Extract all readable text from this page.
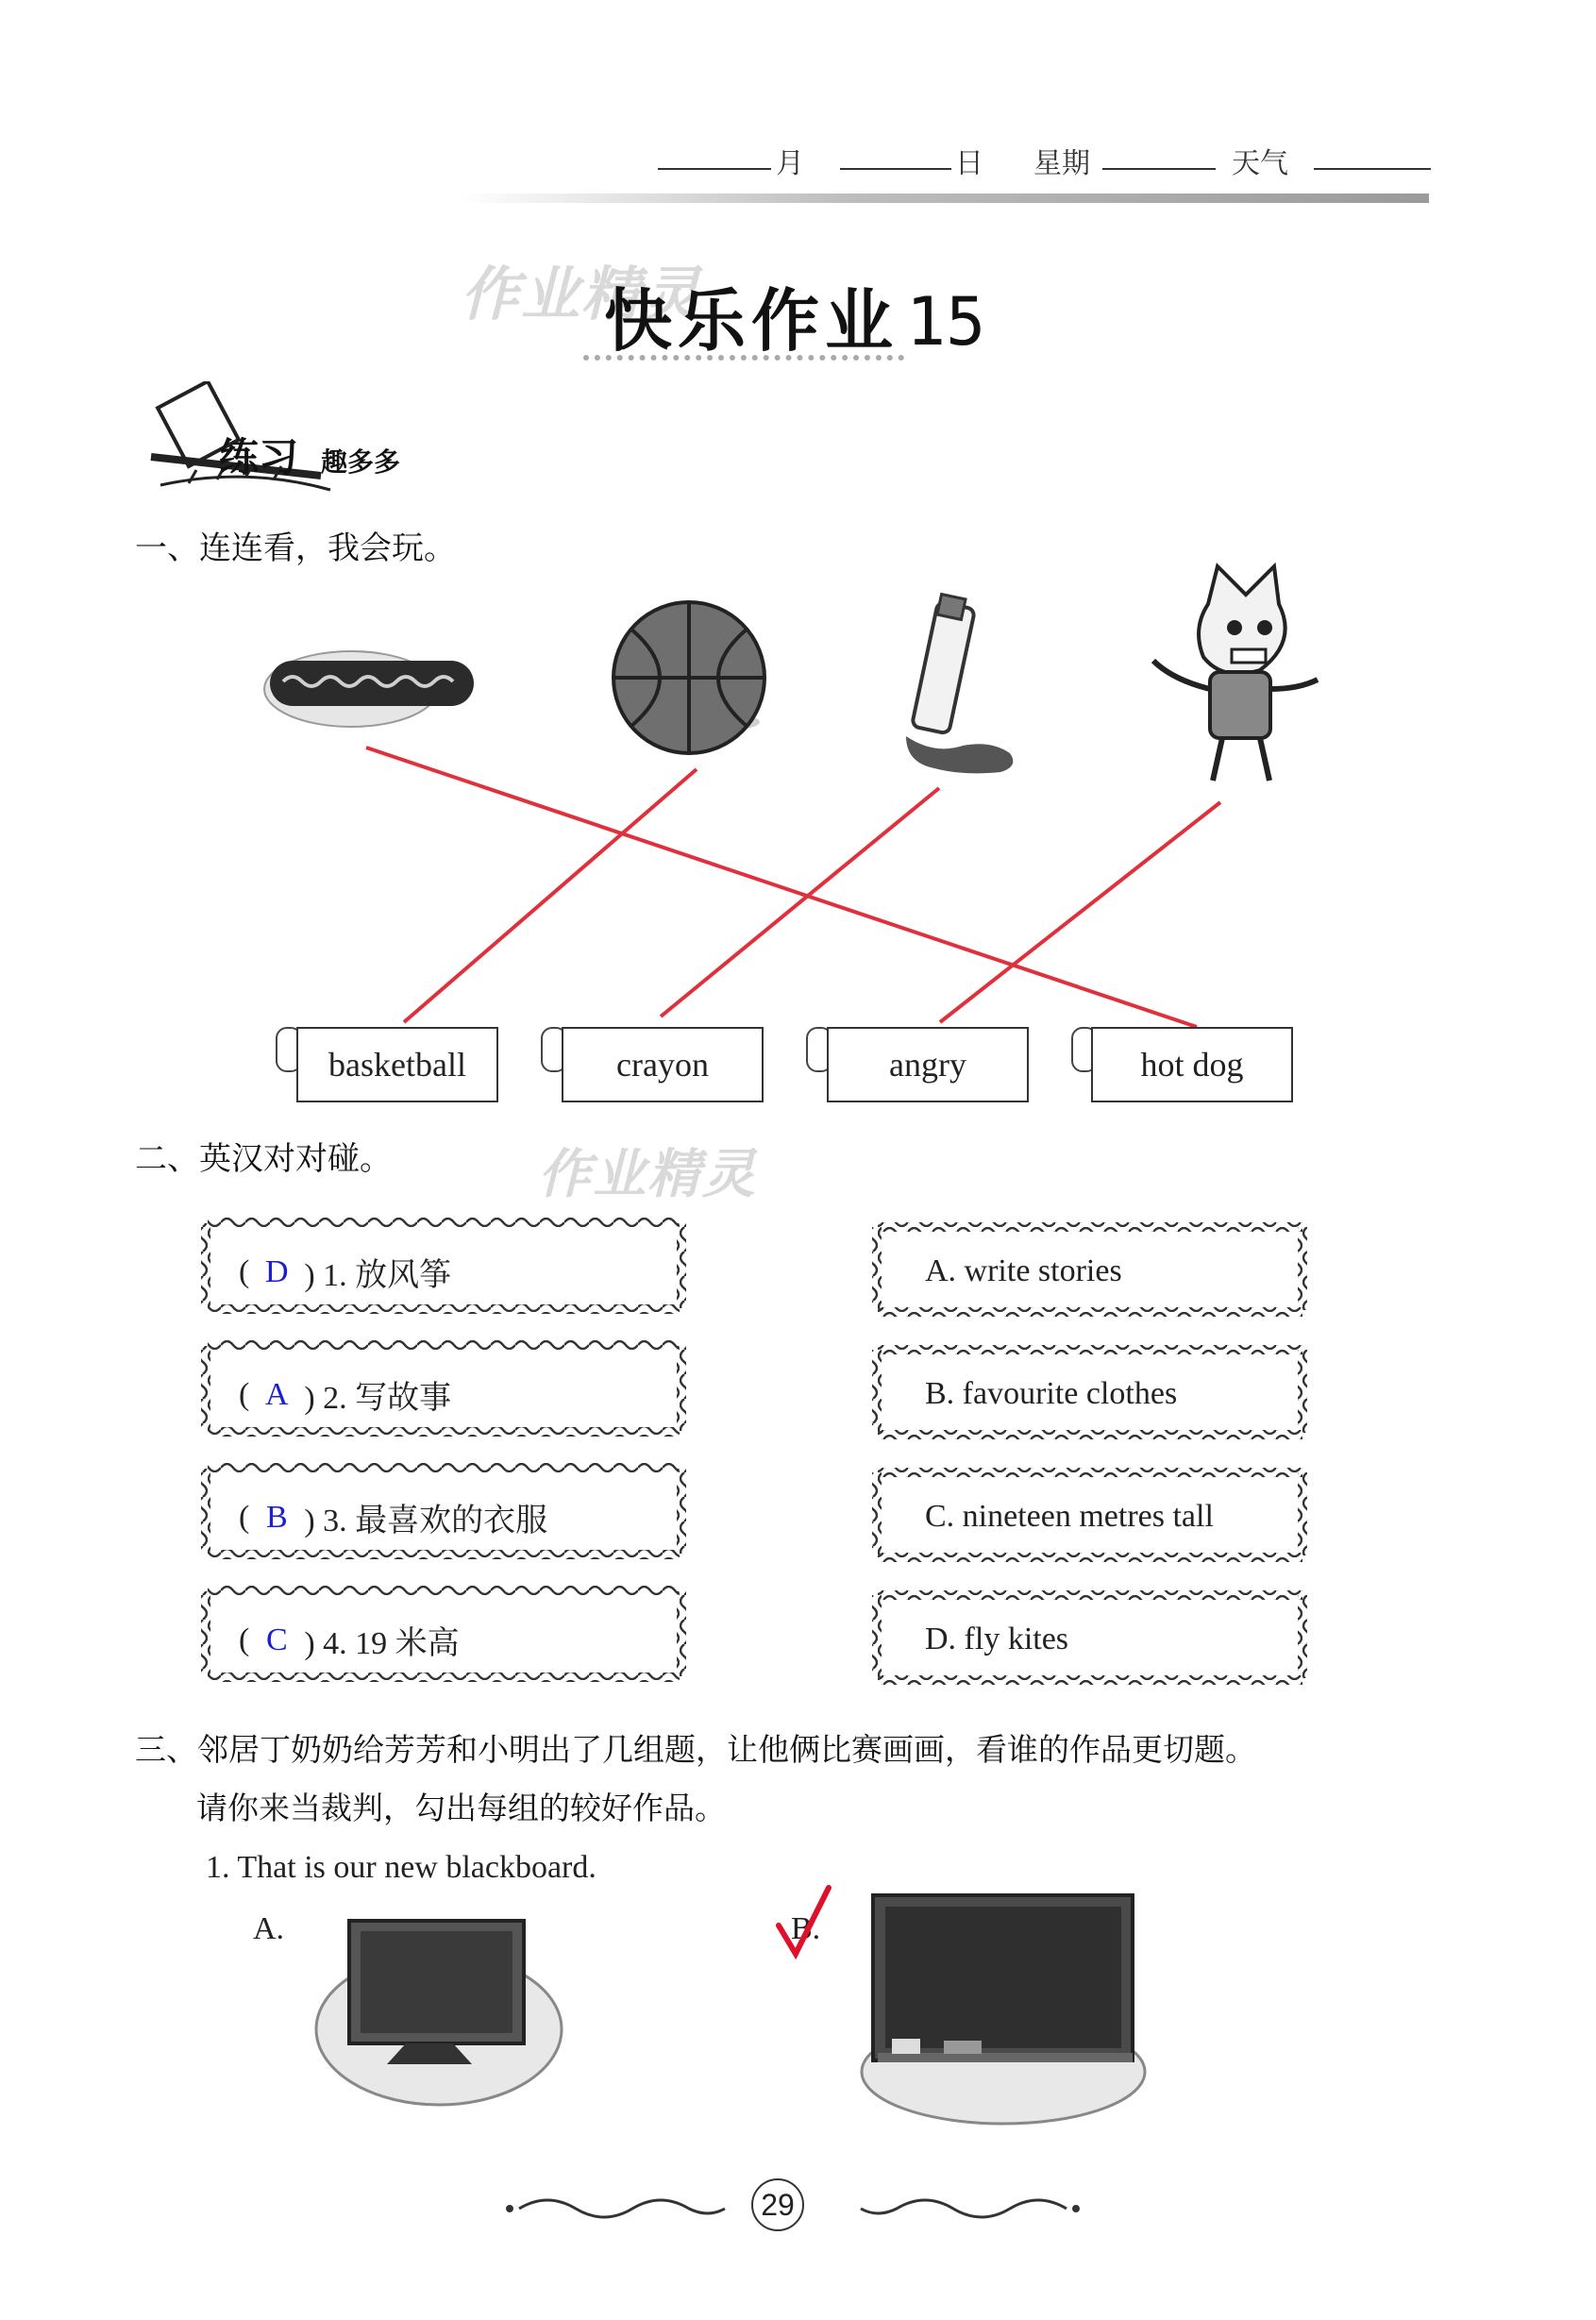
月	日 星期	天气
作业精灵
快乐作业 15
练习 趣多多
一、连连看，我会玩。
basketball	crayon	angry	hot dog
二、英汉对对碰。	作业精灵
( D ) 1. 放风筝
( A ) 2. 写故事
( B ) 3. 最喜欢的衣服
( C ) 4. 19 米高
A. write stories
B. favourite clothes
C. nineteen metres tall
D. fly kites
三、邻居丁奶奶给芳芳和小明出了几组题，让他俩比赛画画，看谁的作品更切题。
请你来当裁判，勾出每组的较好作品。
1. That is our new blackboard.
A.	B.
29
